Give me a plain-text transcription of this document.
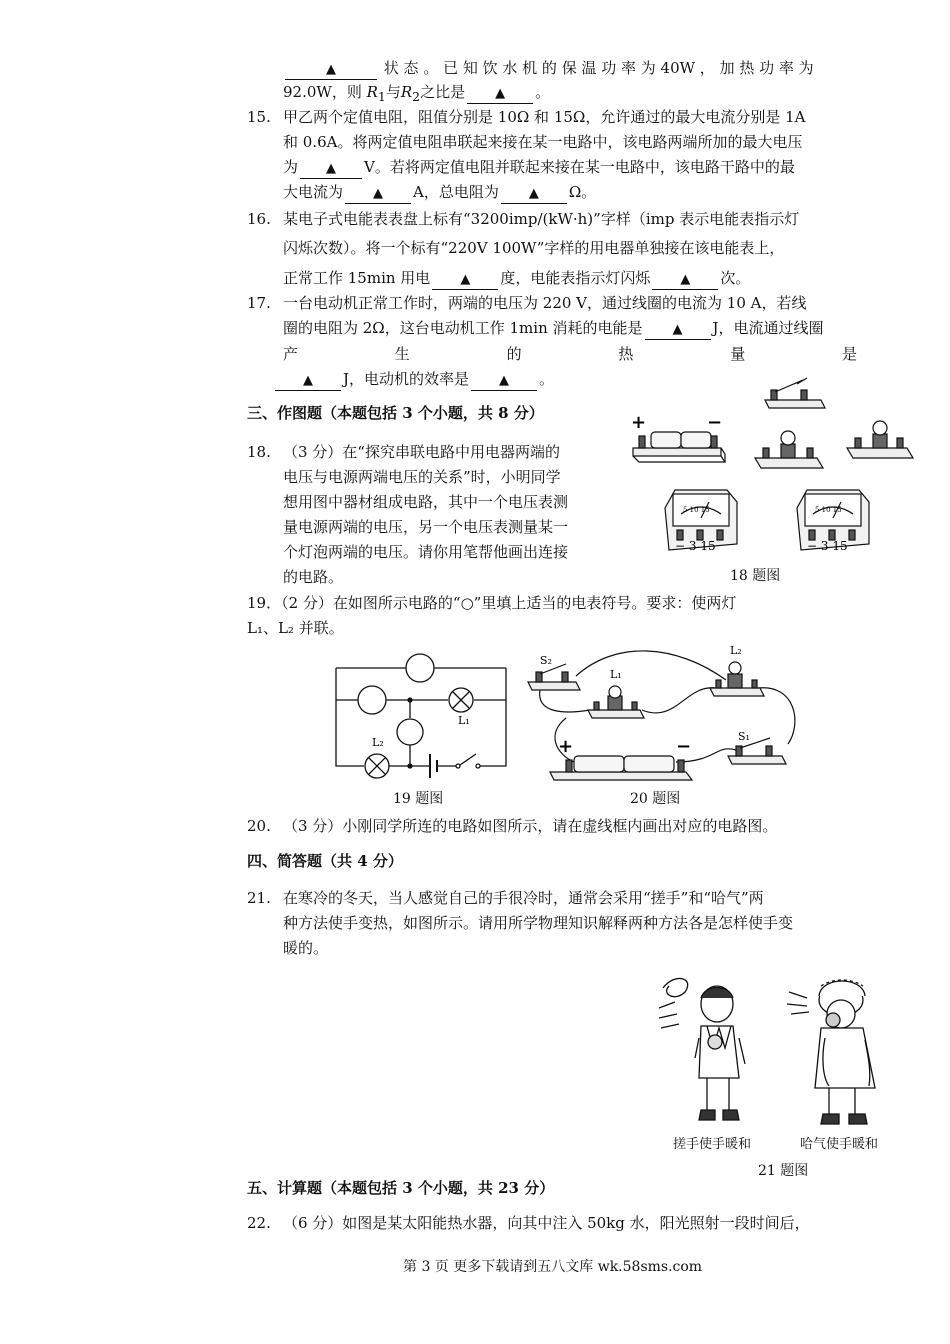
▲	状 态 。 已 知 饮 水 机 的 保 温 功 率 为 40W ， 加 热 功 率 为
92.0W，则 $R_1$与$R_2$之比是 ▲ 。
15. 甲乙两个定值电阻，阻值分别是 10Ω 和 15Ω，允许通过的最大电流分别是 1A
和 0.6A。将两定值电阻串联起来接在某一电路中，该电路两端所加的最大电压
为 ▲ V。若将两定值电阻并联起来接在某一电路中，该电路干路中的最
大电流为 ▲ A，总电阻为 ▲ Ω。
16. 某电子式电能表表盘上标有“3200imp/(kW·h)”字样（imp 表示电能表指示灯
闪烁次数）。将一个标有“220V 100W”字样的用电器单独接在该电能表上，
正常工作 15min 用电 ▲ 度，电能表指示灯闪烁 ▲ 次。
17. 一台电动机正常工作时，两端的电压为 220 V，通过线圈的电流为 10 A，若线
圈的电阻为 2Ω，这台电动机工作 1min 消耗的电能是 ▲ J，电流通过线圈
产	生	的	热	量	是
▲ J，电动机的效率是 ▲ 。
三、作图题（本题包括 3 个小题，共 8 分）
18. （3 分）在“探究串联电路中用电器两端的
电压与电源两端电压的关系”时，小明同学
想用图中器材组成电路，其中一个电压表测
量电源两端的电压，另一个电压表测量某一
个灯泡两端的电压。请你用笔帮他画出连接
的电路。
+	−
5 10 15	5 10 15
− 3 15	− 3 15
18 题图
19．（2 分）在如图所示电路的“○”里填上适当的电表符号。要求：使两灯
L₁、L₂ 并联。
L₁
L₂
19 题图
S₂
L₁
L₂
S₁
+	−
20 题图
20. （3 分）小刚同学所连的电路如图所示，请在虚线框内画出对应的电路图。
四、简答题（共 4 分）
21. 在寒冷的冬天，当人感觉自己的手很冷时，通常会采用“搓手”和“哈气”两
种方法使手变热，如图所示。请用所学物理知识解释两种方法各是怎样使手变
暖的。
搓手使手暖和	哈气使手暖和
21 题图
五、计算题（本题包括 3 个小题，共 23 分）
22. （6 分）如图是某太阳能热水器，向其中注入 50kg 水，阳光照射一段时间后，
第 3 页 更多下载请到五八文库 wk.58sms.com
